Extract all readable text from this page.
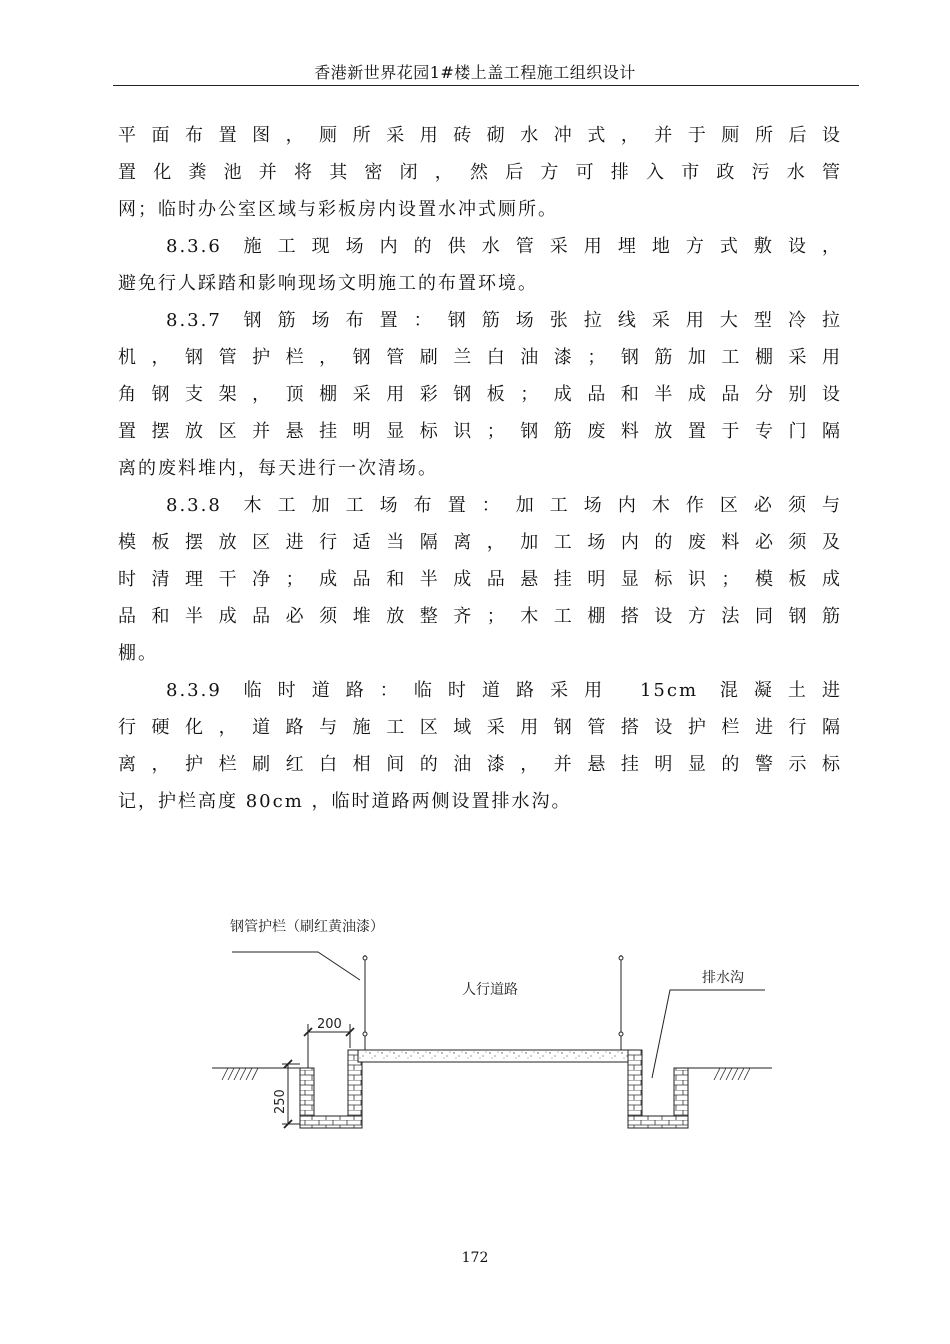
香港新世界花园1#楼上盖工程施工组织设计
平面布置图，厕所采用砖砌水冲式，并于厕所后设
置化粪池并将其密闭，然后方可排入市政污水管
网；临时办公室区域与彩板房内设置水冲式厕所。
8.3.6 施工现场内的供水管采用埋地方式敷设，
避免行人踩踏和影响现场文明施工的布置环境。
8.3.7 钢筋场布置：钢筋场张拉线采用大型冷拉
机，钢管护栏，钢管刷兰白油漆；钢筋加工棚采用
角钢支架，顶棚采用彩钢板；成品和半成品分别设
置摆放区并悬挂明显标识；钢筋废料放置于专门隔
离的废料堆内，每天进行一次清场。
8.3.8 木工加工场布置：加工场内木作区必须与
模板摆放区进行适当隔离，加工场内的废料必须及
时清理干净；成品和半成品悬挂明显标识；模板成
品和半成品必须堆放整齐；木工棚搭设方法同钢筋
棚。
8.3.9 临时道路：临时道路采用 15cm 混凝土进
行硬化，道路与施工区域采用钢管搭设护栏进行隔
离，护栏刷红白相间的油漆，并悬挂明显的警示标
记，护栏高度 80cm ，临时道路两侧设置排水沟。
200
250
钢管护栏（刷红黄油漆）
人行道路
排水沟
172
